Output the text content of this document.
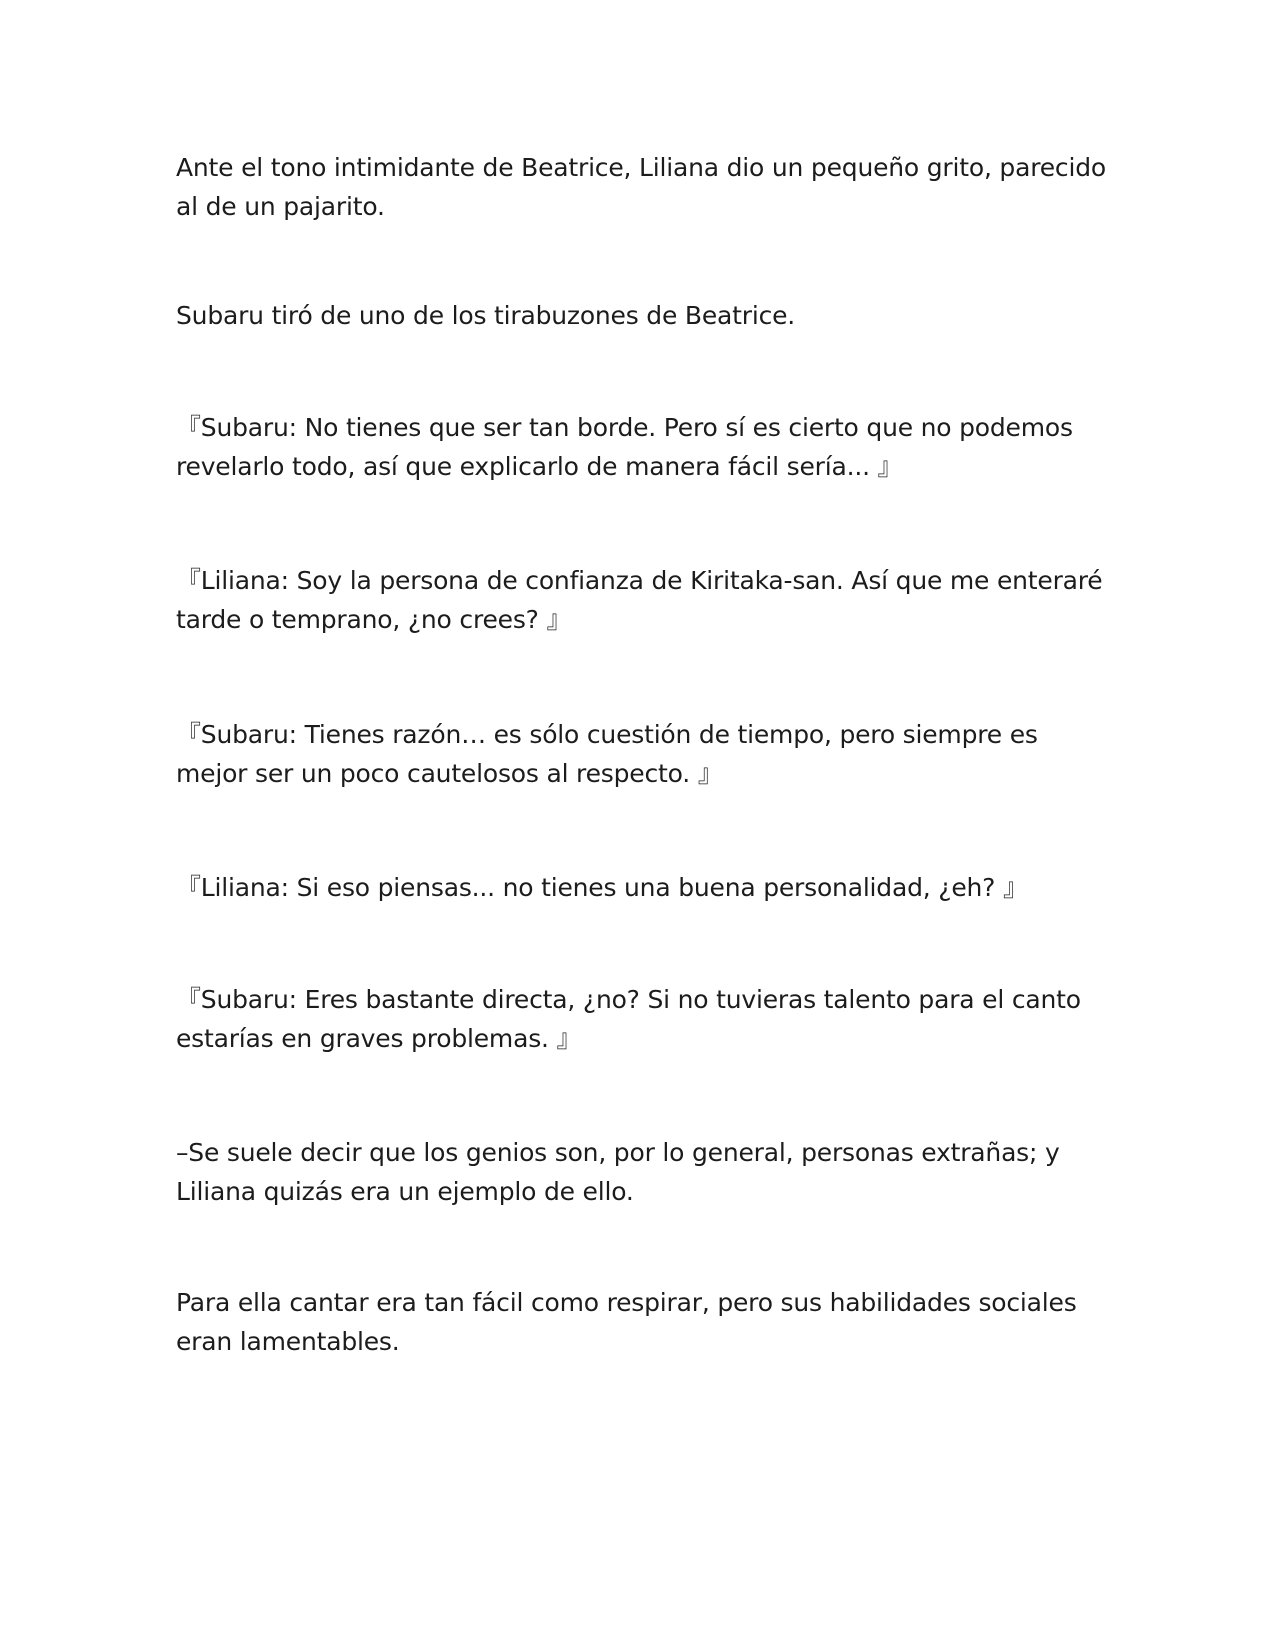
Ante el tono intimidante de Beatrice, Liliana dio un pequeño grito, parecido al de un pajarito.

Subaru tiró de uno de los tirabuzones de Beatrice.

『Subaru: No tienes que ser tan borde. Pero sí es cierto que no podemos revelarlo todo, así que explicarlo de manera fácil sería... 』

『Liliana: Soy la persona de confianza de Kiritaka-san. Así que me enteraré tarde o temprano, ¿no crees? 』

『Subaru: Tienes razón… es sólo cuestión de tiempo, pero siempre es mejor ser un poco cautelosos al respecto. 』

『Liliana: Si eso piensas... no tienes una buena personalidad, ¿eh? 』

『Subaru: Eres bastante directa, ¿no? Si no tuvieras talento para el canto estarías en graves problemas. 』

–Se suele decir que los genios son, por lo general, personas extrañas; y Liliana quizás era un ejemplo de ello.

Para ella cantar era tan fácil como respirar, pero sus habilidades sociales eran lamentables.
